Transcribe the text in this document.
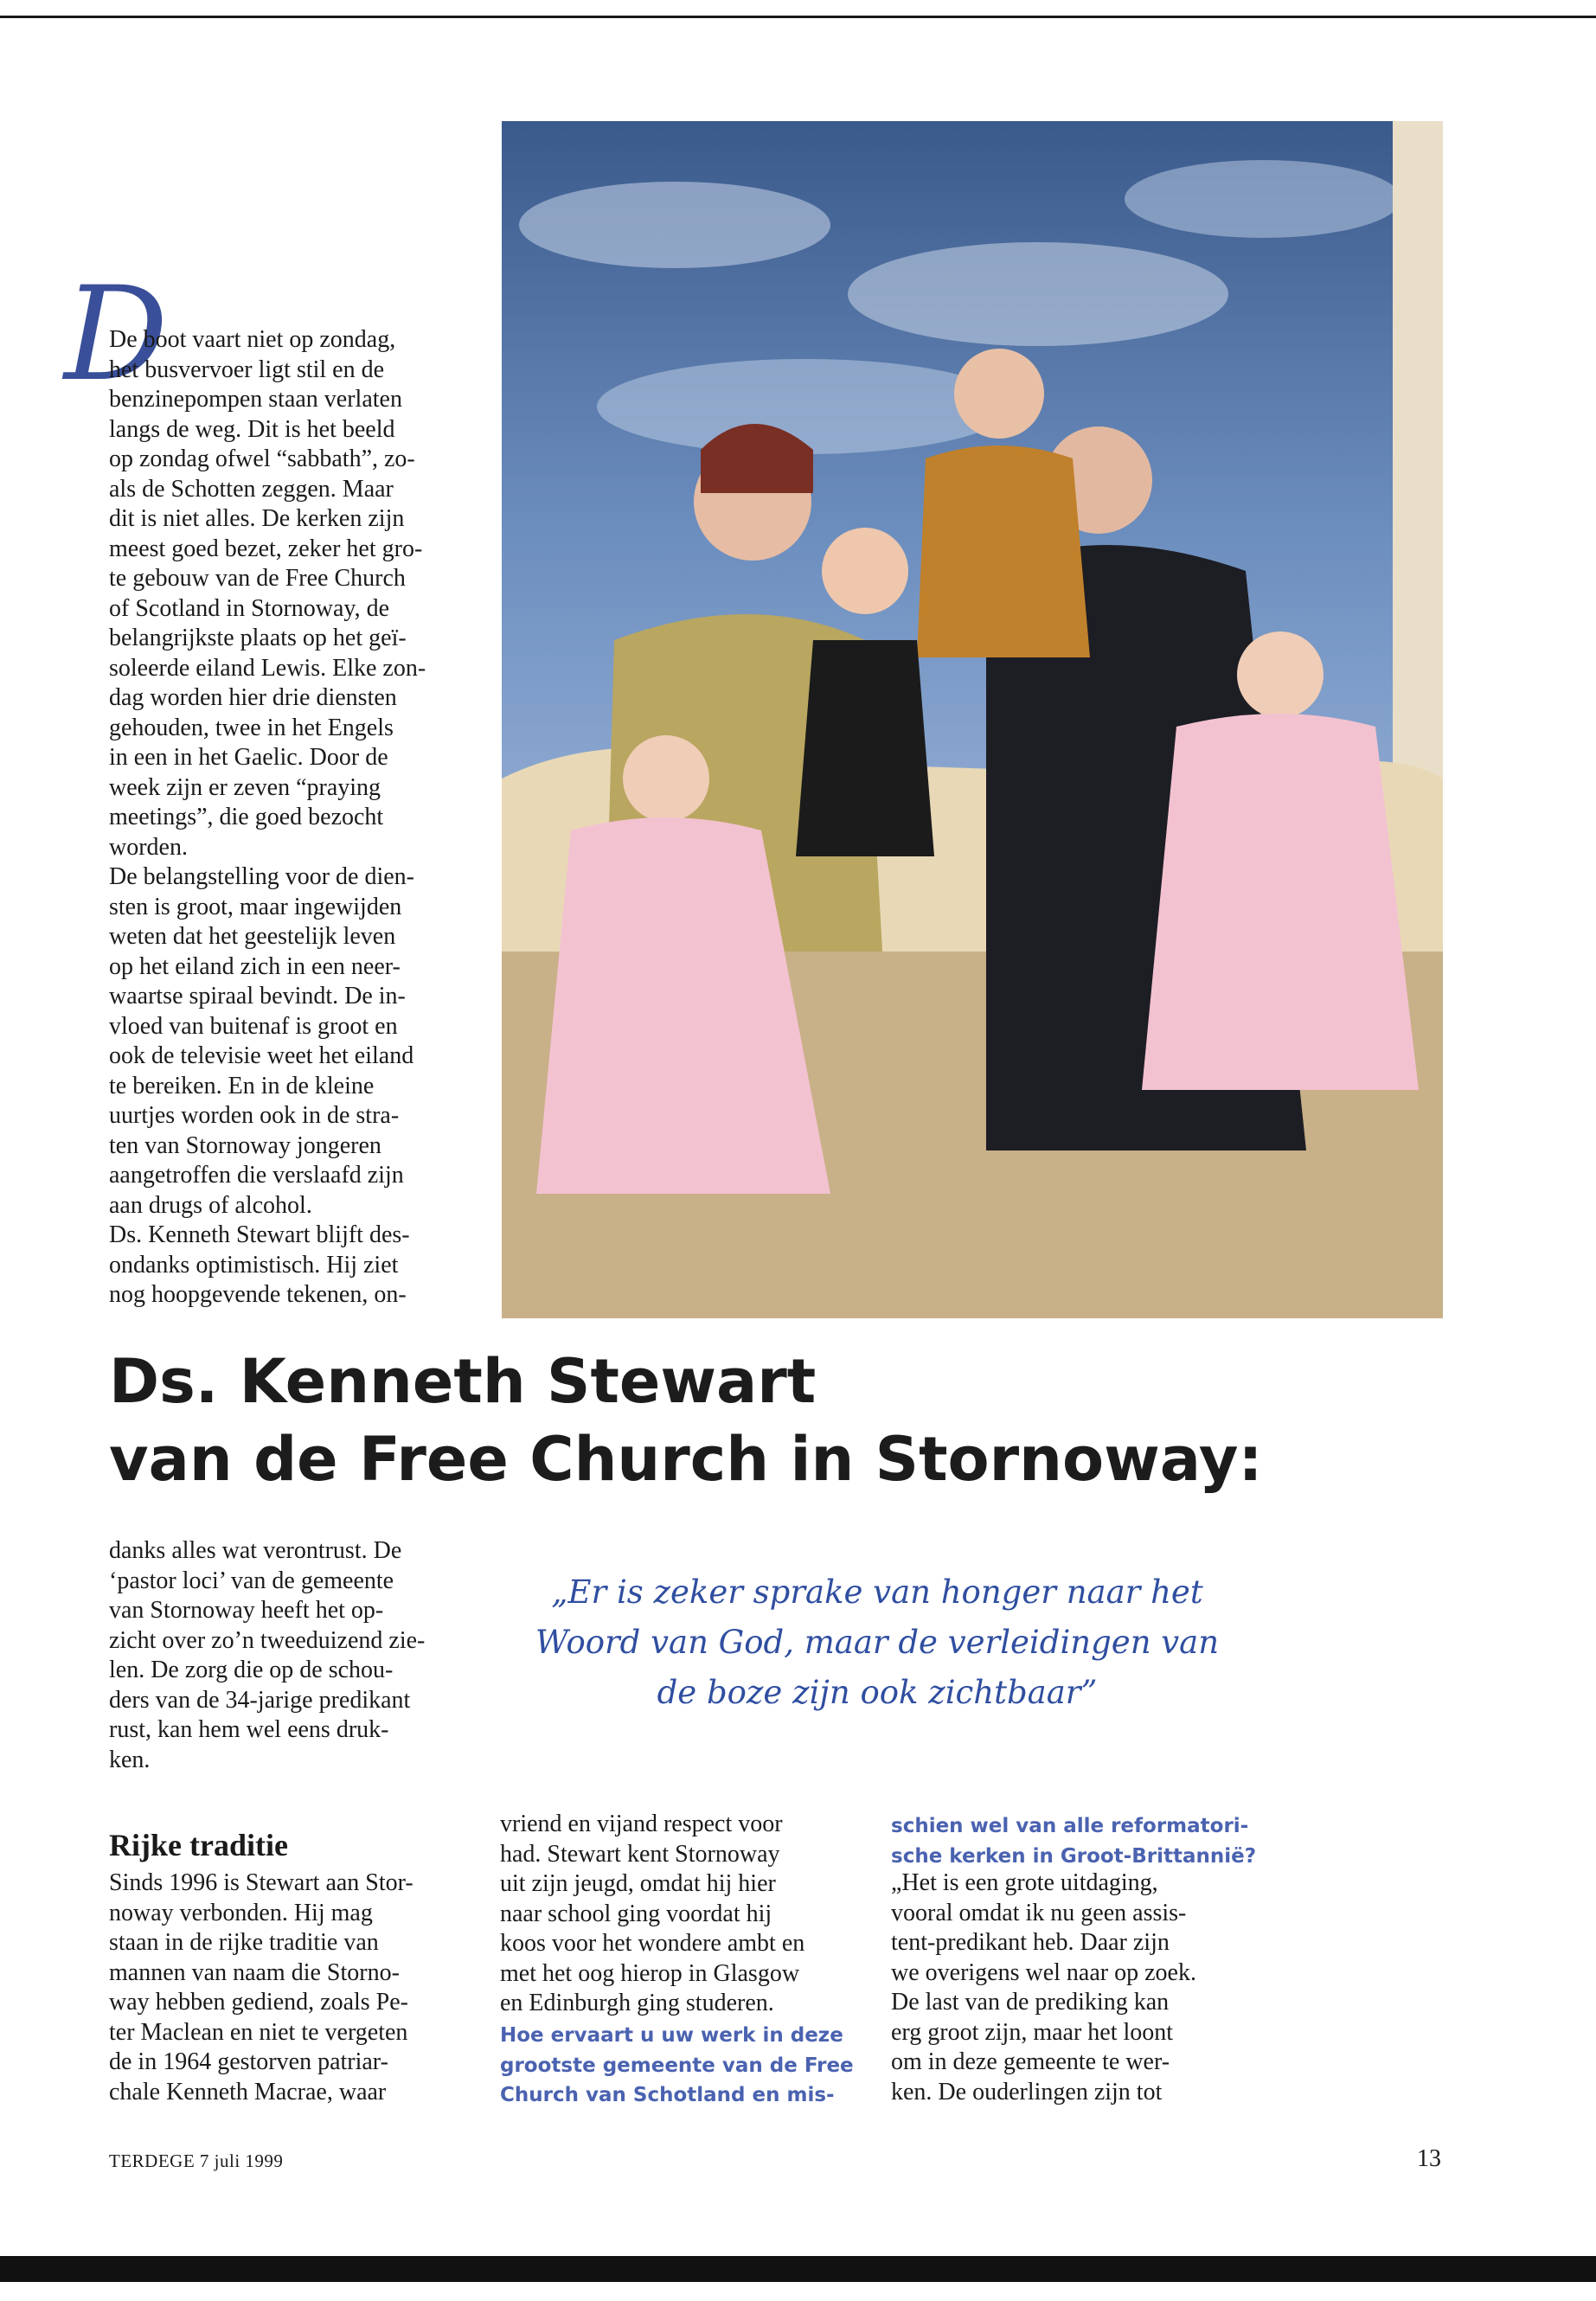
D
De boot vaart niet op zondag,
het busvervoer ligt stil en de
benzinepompen staan verlaten
langs de weg. Dit is het beeld
op zondag ofwel “sabbath”, zo-
als de Schotten zeggen. Maar
dit is niet alles. De kerken zijn
meest goed bezet, zeker het gro-
te gebouw van de Free Church
of Scotland in Stornoway, de
belangrijkste plaats op het geï-
soleerde eiland Lewis. Elke zon-
dag worden hier drie diensten
gehouden, twee in het Engels
in een in het Gaelic. Door de
week zijn er zeven “praying
meetings”, die goed bezocht
worden.
De belangstelling voor de dien-
sten is groot, maar ingewijden
weten dat het geestelijk leven
op het eiland zich in een neer-
waartse spiraal bevindt. De in-
vloed van buitenaf is groot en
ook de televisie weet het eiland
te bereiken. En in de kleine
uurtjes worden ook in de stra-
ten van Stornoway jongeren
aangetroffen die verslaafd zijn
aan drugs of alcohol.
Ds. Kenneth Stewart blijft des-
ondanks optimistisch. Hij ziet
nog hoopgevende tekenen, on-
Ds. Kenneth Stewart
van de Free Church in Stornoway:
danks alles wat verontrust. De
‘pastor loci’ van de gemeente
van Stornoway heeft het op-
zicht over zo’n tweeduizend zie-
len. De zorg die op de schou-
ders van de 34-jarige predikant
rust, kan hem wel eens druk-
ken.
„Er is zeker sprake van honger naar het
Woord van God, maar de verleidingen van
de boze zijn ook zichtbaar”
Rijke traditie
Sinds 1996 is Stewart aan Stor-
noway verbonden. Hij mag
staan in de rijke traditie van
mannen van naam die Storno-
way hebben gediend, zoals Pe-
ter Maclean en niet te vergeten
de in 1964 gestorven patriar-
chale Kenneth Macrae, waar
vriend en vijand respect voor
had. Stewart kent Stornoway
uit zijn jeugd, omdat hij hier
naar school ging voordat hij
koos voor het wondere ambt en
met het oog hierop in Glasgow
en Edinburgh ging studeren.
Hoe ervaart u uw werk in deze
grootste gemeente van de Free
Church van Schotland en mis-
schien wel van alle reformatori-
sche kerken in Groot-Brittannië?
„Het is een grote uitdaging,
vooral omdat ik nu geen assis-
tent-predikant heb. Daar zijn
we overigens wel naar op zoek.
De last van de prediking kan
erg groot zijn, maar het loont
om in deze gemeente te wer-
ken. De ouderlingen zijn tot
TERDEGE 7 juli 1999	13
